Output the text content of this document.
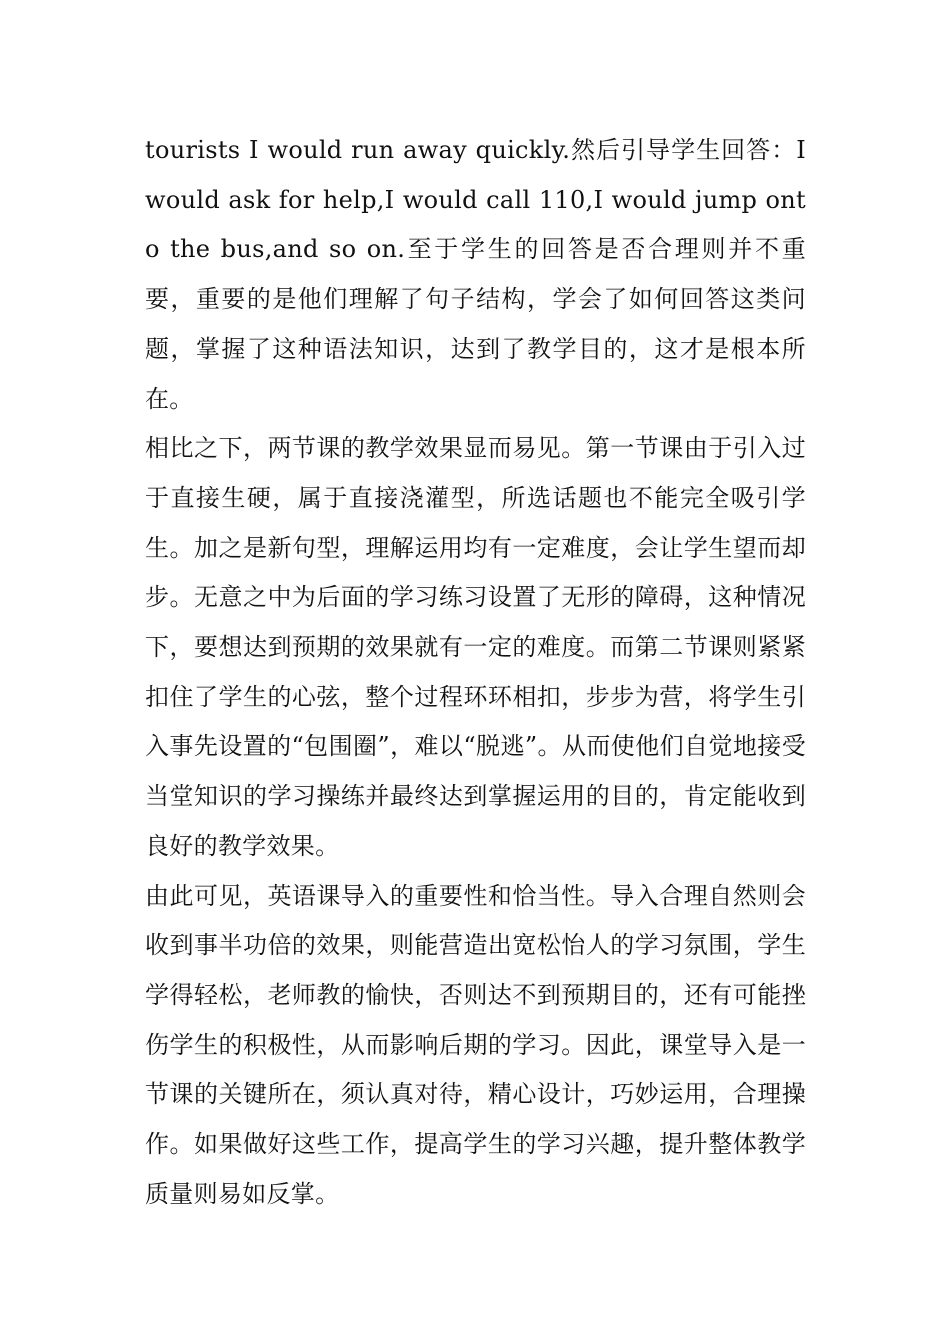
tourists I would run away quickly.然后引导学生回答：I would ask for help,I would call 110,I would jump onto the bus,and so on.至于学生的回答是否合理则并不重要，重要的是他们理解了句子结构，学会了如何回答这类问题，掌握了这种语法知识，达到了教学目的，这才是根本所在。

相比之下，两节课的教学效果显而易见。第一节课由于引入过于直接生硬，属于直接浇灌型，所选话题也不能完全吸引学生。加之是新句型，理解运用均有一定难度，会让学生望而却步。无意之中为后面的学习练习设置了无形的障碍，这种情况下，要想达到预期的效果就有一定的难度。而第二节课则紧紧扣住了学生的心弦，整个过程环环相扣，步步为营，将学生引入事先设置的“包围圈”，难以“脱逃”。从而使他们自觉地接受当堂知识的学习操练并最终达到掌握运用的目的，肯定能收到良好的教学效果。

由此可见，英语课导入的重要性和恰当性。导入合理自然则会收到事半功倍的效果，则能营造出宽松怡人的学习氛围，学生学得轻松，老师教的愉快，否则达不到预期目的，还有可能挫伤学生的积极性，从而影响后期的学习。因此，课堂导入是一节课的关键所在，须认真对待，精心设计，巧妙运用，合理操作。如果做好这些工作，提高学生的学习兴趣，提升整体教学质量则易如反掌。
